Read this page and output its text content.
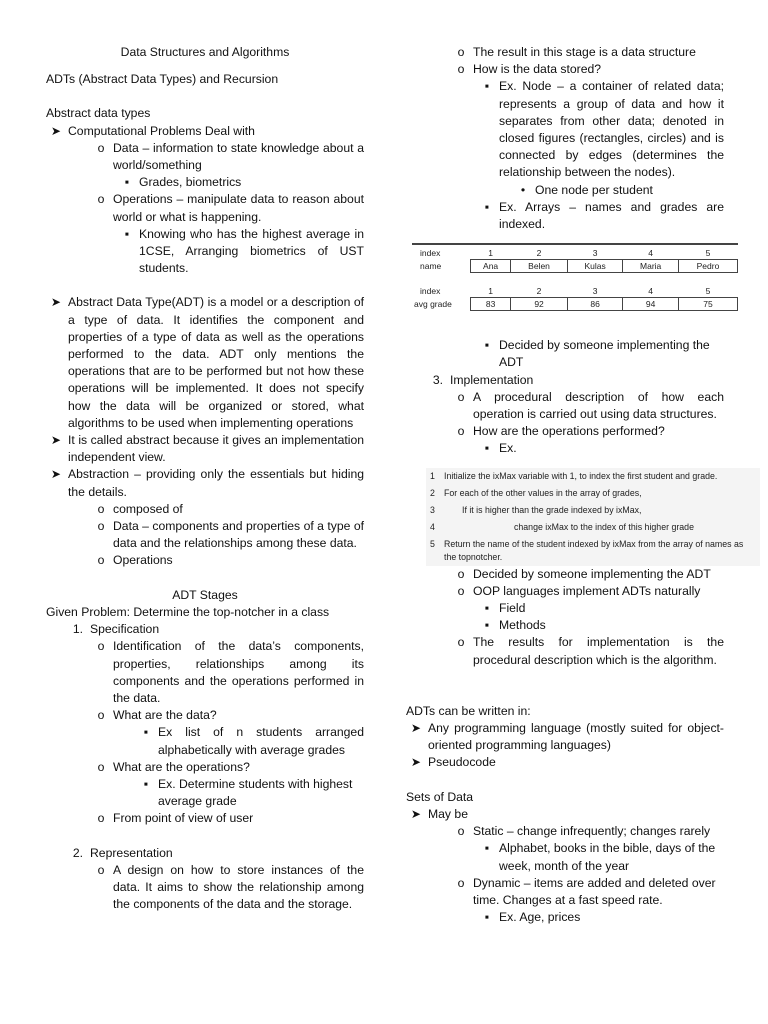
Data Structures and Algorithms

ADTs (Abstract Data Types) and Recursion

Abstract data types

➤ Computational Problems Deal with

o Data – information to state knowledge about a world/something

▪ Grades, biometrics

o Operations – manipulate data to reason about world or what is happening.

▪ Knowing who has the highest average in 1CSE, Arranging biometrics of UST students.

➤ Abstract Data Type(ADT) is a model or a description of a type of data. It identifies the component and properties of a type of data as well as the operations performed to the data. ADT only mentions the operations that are to be performed but not how these operations will be implemented. It does not specify how the data will be organized or stored, what algorithms to be used when implementing operations

➤ It is called abstract because it gives an implementation independent view.

➤ Abstraction – providing only the essentials but hiding the details.

o composed of

o Data – components and properties of a type of data and the relationships among these data.

o Operations

ADT Stages

Given Problem: Determine the top-notcher in a class

1. Specification

o Identification of the data’s components, properties, relationships among its components and the operations performed in the data.

o What are the data?

▪ Ex list of n students arranged alphabetically with average grades

o What are the operations?

▪ Ex. Determine students with highest average grade

o From point of view of user

2. Representation

o A design on how to store instances of the data. It aims to show the relationship among the components of the data and the storage.

o The result in this stage is a data structure

o How is the data stored?

▪ Ex. Node – a container of related data; represents a group of data and how it separates from other data; denoted in closed figures (rectangles, circles) and is connected by edges (determines the relationship between the nodes).

• One node per student

▪ Ex. Arrays – names and grades are indexed.

index	1	2	3	4	5
name	Ana	Belen	Kulas	Maria	Pedro

index	1	2	3	4	5
avg grade	83	92	86	94	75
▪ Decided by someone implementing the ADT

3. Implementation

o A procedural description of how each operation is carried out using data structures.

o How are the operations performed?

▪ Ex.

1	Initialize the ixMax variable with 1, to index the first student and grade.
2	For each of the other values in the array of grades,
3	If it is higher than the grade indexed by ixMax,
4	change ixMax to the index of this higher grade
5	Return the name of the student indexed by ixMax from the array of names as the topnotcher.
o Decided by someone implementing the ADT

o OOP languages implement ADTs naturally

▪ Field

▪ Methods

o The results for implementation is the procedural description which is the algorithm.

ADTs can be written in:

➤ Any programming language (mostly suited for object-oriented programming languages)

➤ Pseudocode

Sets of Data

➤ May be

o Static – change infrequently; changes rarely

▪ Alphabet, books in the bible, days of the week, month of the year

o Dynamic – items are added and deleted over time. Changes at a fast speed rate.

▪ Ex. Age, prices
